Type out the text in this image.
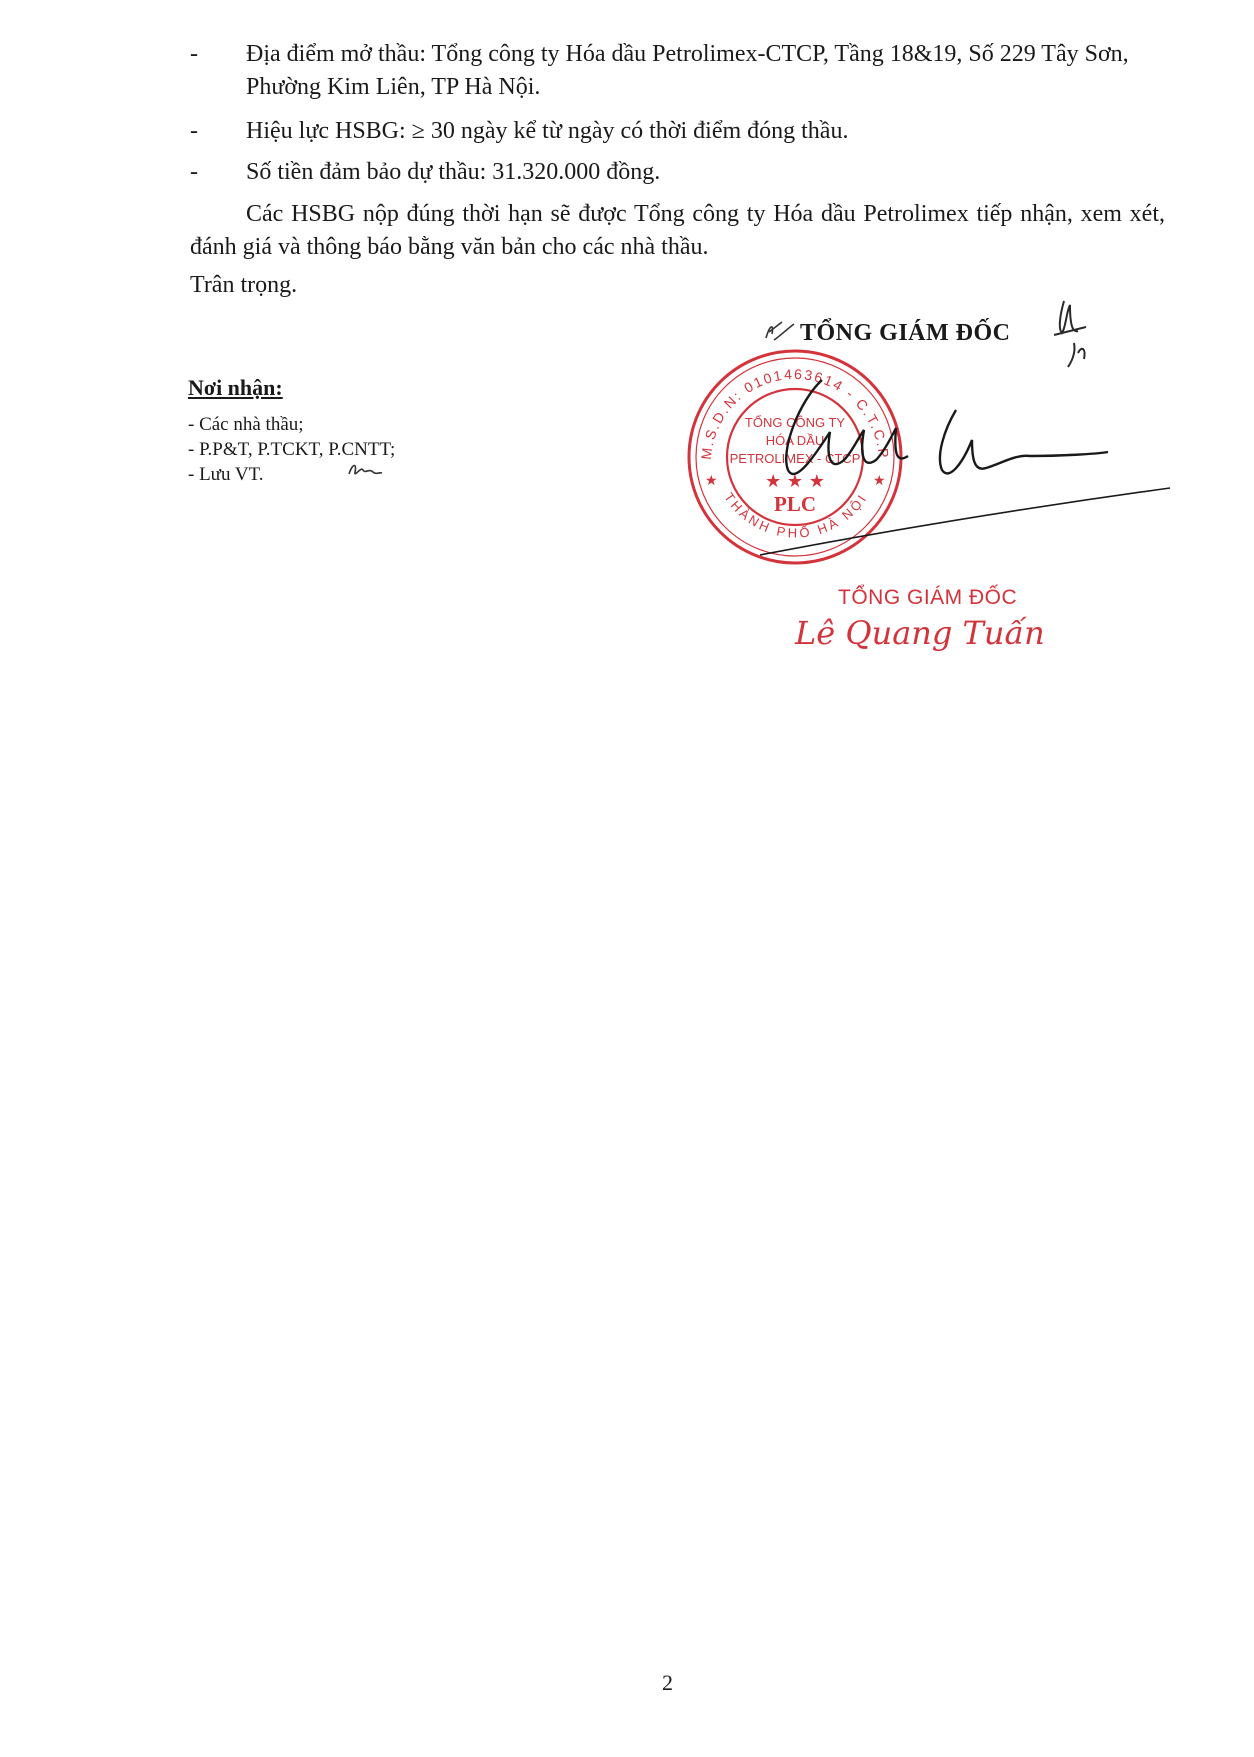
- Địa điểm mở thầu: Tổng công ty Hóa dầu Petrolimex-CTCP, Tầng 18&19, Số 229 Tây Sơn, Phường Kim Liên, TP Hà Nội.
- Hiệu lực HSBG: ≥ 30 ngày kể từ ngày có thời điểm đóng thầu.
- Số tiền đảm bảo dự thầu: 31.320.000 đồng.
Các HSBG nộp đúng thời hạn sẽ được Tổng công ty Hóa dầu Petrolimex tiếp nhận, xem xét, đánh giá và thông báo bằng văn bản cho các nhà thầu.
Trân trọng.
Nơi nhận:
- Các nhà thầu;
- P.P&T, P.TCKT, P.CNTT;
- Lưu VT.
TỔNG GIÁM ĐỐC
M.S.D.N: 0101463614 - C.T.C.P
THÀNH PHỐ HÀ NỘI
★	★
TỔNG CÔNG TY
HÓA DẦU
PETROLIMEX - CTCP
★ ★ ★
PLC
TỔNG GIÁM ĐỐC
Lê Quang Tuấn
2
